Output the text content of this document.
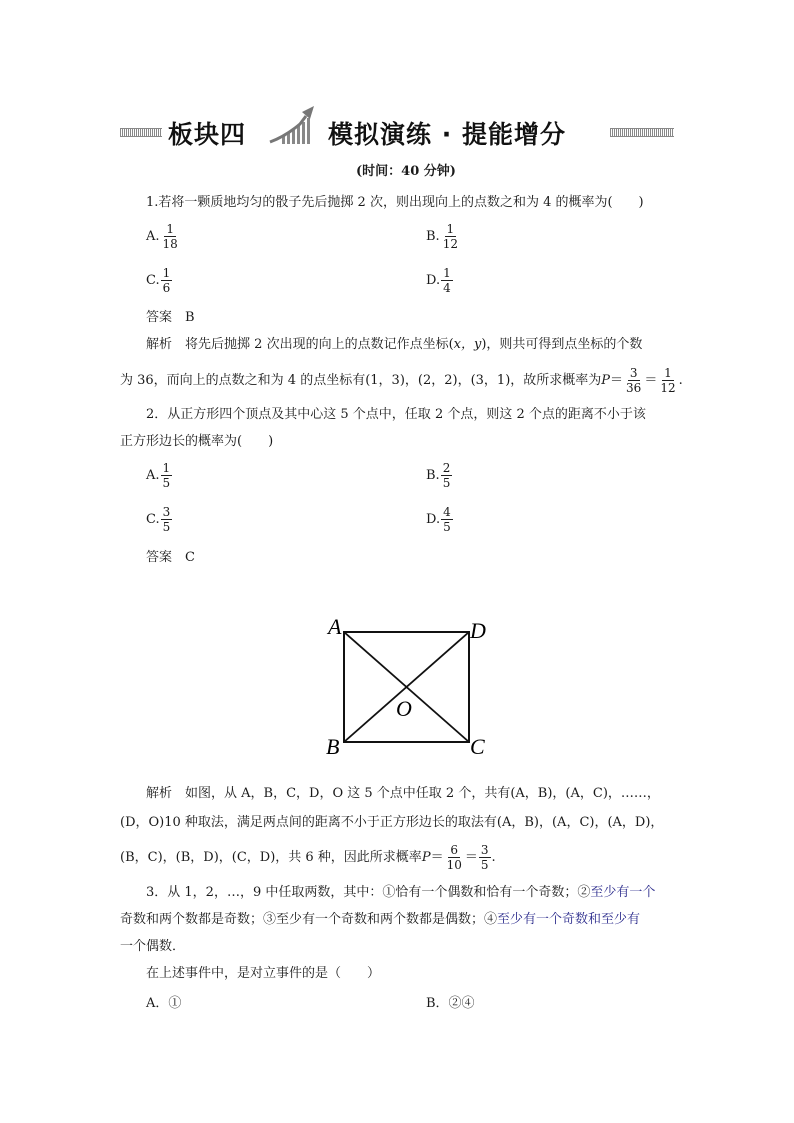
板块四	模拟演练 · 提能增分
(时间：40 分钟)
1.若将一颗质地均匀的骰子先后抛掷 2 次，则出现向上的点数之和为 4 的概率为(　　)
A. $\frac{1}{18}$	B. $\frac{1}{12}$
C. $\frac{1}{6}$	D. $\frac{1}{4}$
答案　 B
解析　 将先后抛掷 2 次出现的向上的点数记作点坐标(x，y)，则共可得到点坐标的个数
为 36，而向上的点数之和为 4 的点坐标有(1，3)，(2，2)，(3，1)，故所求概率为$P= \frac{3}{36} = \frac{1}{12}$ .
2．从正方形四个顶点及其中心这 5 个点中，任取 2 个点，则这 2 个点的距离不小于该
正方形边长的概率为(　　)
A. $\frac{1}{5}$	B. $\frac{2}{5}$
C. $\frac{3}{5}$	D. $\frac{4}{5}$
答案　 C
A	D
B	C
O
解析　 如图，从 A，B，C，D，O 这 5 个点中任取 2 个，共有(A，B)，(A，C)，……，
(D，O)10 种取法，满足两点间的距离不小于正方形边长的取法有(A，B)，(A，C)，(A，D)，
(B，C)，(B，D)，(C，D)，共 6 种，因此所求概率$P= \frac{6}{10} = \frac{3}{5}$ .
3．从 1，2，…，9 中任取两数，其中：①恰有一个偶数和恰有一个奇数；②至少有一个
奇数和两个数都是奇数；③至少有一个奇数和两个数都是偶数；④至少有一个奇数和至少有
一个偶数．
在上述事件中，是对立事件的是（　　）
A．①	B．②④
